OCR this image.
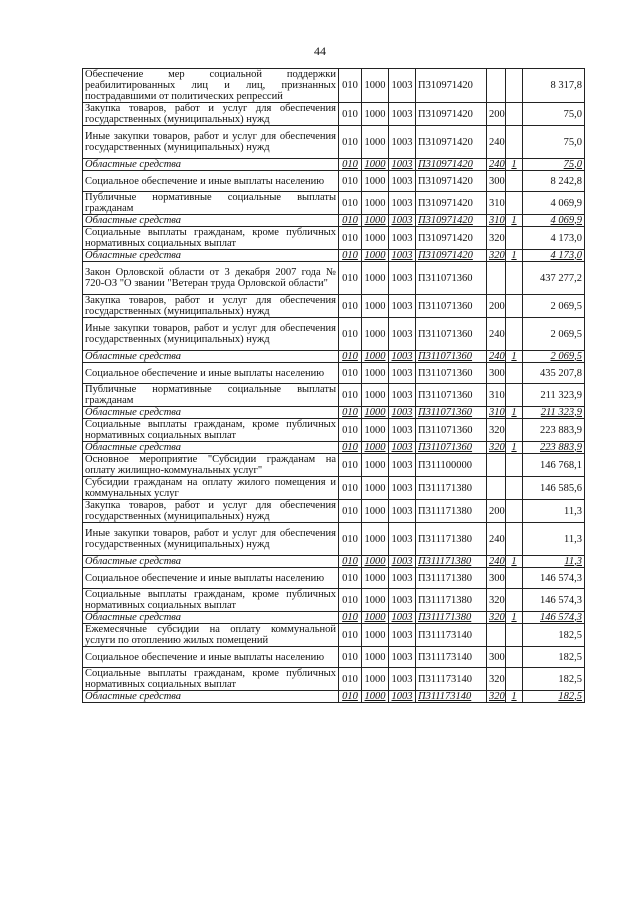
44
Обеспечение мер социальной поддержки реабилитированных лиц и лиц, признанных пострадавшими от политических репрессий	010	1000	1003	П310971420			8 317,8
Закупка товаров, работ и услуг для обеспечения государственных (муниципальных) нужд	010	1000	1003	П310971420	200		75,0
Иные закупки товаров, работ и услуг для обеспечения государственных (муниципальных) нужд	010	1000	1003	П310971420	240		75,0
Областные средства	010	1000	1003	П310971420	240	1	75,0
Социальное обеспечение и иные выплаты населению	010	1000	1003	П310971420	300		8 242,8
Публичные нормативные социальные выплаты гражданам	010	1000	1003	П310971420	310		4 069,9
Областные средства	010	1000	1003	П310971420	310	1	4 069,9
Социальные выплаты гражданам, кроме публичных нормативных социальных выплат	010	1000	1003	П310971420	320		4 173,0
Областные средства	010	1000	1003	П310971420	320	1	4 173,0
Закон Орловской области от 3 декабря 2007 года № 720-ОЗ "О звании "Ветеран труда Орловской области"	010	1000	1003	П311071360			437 277,2
Закупка товаров, работ и услуг для обеспечения государственных (муниципальных) нужд	010	1000	1003	П311071360	200		2 069,5
Иные закупки товаров, работ и услуг для обеспечения государственных (муниципальных) нужд	010	1000	1003	П311071360	240		2 069,5
Областные средства	010	1000	1003	П311071360	240	1	2 069,5
Социальное обеспечение и иные выплаты населению	010	1000	1003	П311071360	300		435 207,8
Публичные нормативные социальные выплаты гражданам	010	1000	1003	П311071360	310		211 323,9
Областные средства	010	1000	1003	П311071360	310	1	211 323,9
Социальные выплаты гражданам, кроме публичных нормативных социальных выплат	010	1000	1003	П311071360	320		223 883,9
Областные средства	010	1000	1003	П311071360	320	1	223 883,9
Основное мероприятие "Субсидии гражданам на оплату жилищно-коммунальных услуг"	010	1000	1003	П311100000			146 768,1
Субсидии гражданам на оплату жилого помещения и коммунальных услуг	010	1000	1003	П311171380			146 585,6
Закупка товаров, работ и услуг для обеспечения государственных (муниципальных) нужд	010	1000	1003	П311171380	200		11,3
Иные закупки товаров, работ и услуг для обеспечения государственных (муниципальных) нужд	010	1000	1003	П311171380	240		11,3
Областные средства	010	1000	1003	П311171380	240	1	11,3
Социальное обеспечение и иные выплаты населению	010	1000	1003	П311171380	300		146 574,3
Социальные выплаты гражданам, кроме публичных нормативных социальных выплат	010	1000	1003	П311171380	320		146 574,3
Областные средства	010	1000	1003	П311171380	320	1	146 574,3
Ежемесячные субсидии на оплату коммунальной услуги по отоплению жилых помещений	010	1000	1003	П311173140			182,5
Социальное обеспечение и иные выплаты населению	010	1000	1003	П311173140	300		182,5
Социальные выплаты гражданам, кроме публичных нормативных социальных выплат	010	1000	1003	П311173140	320		182,5
Областные средства	010	1000	1003	П311173140	320	1	182,5
